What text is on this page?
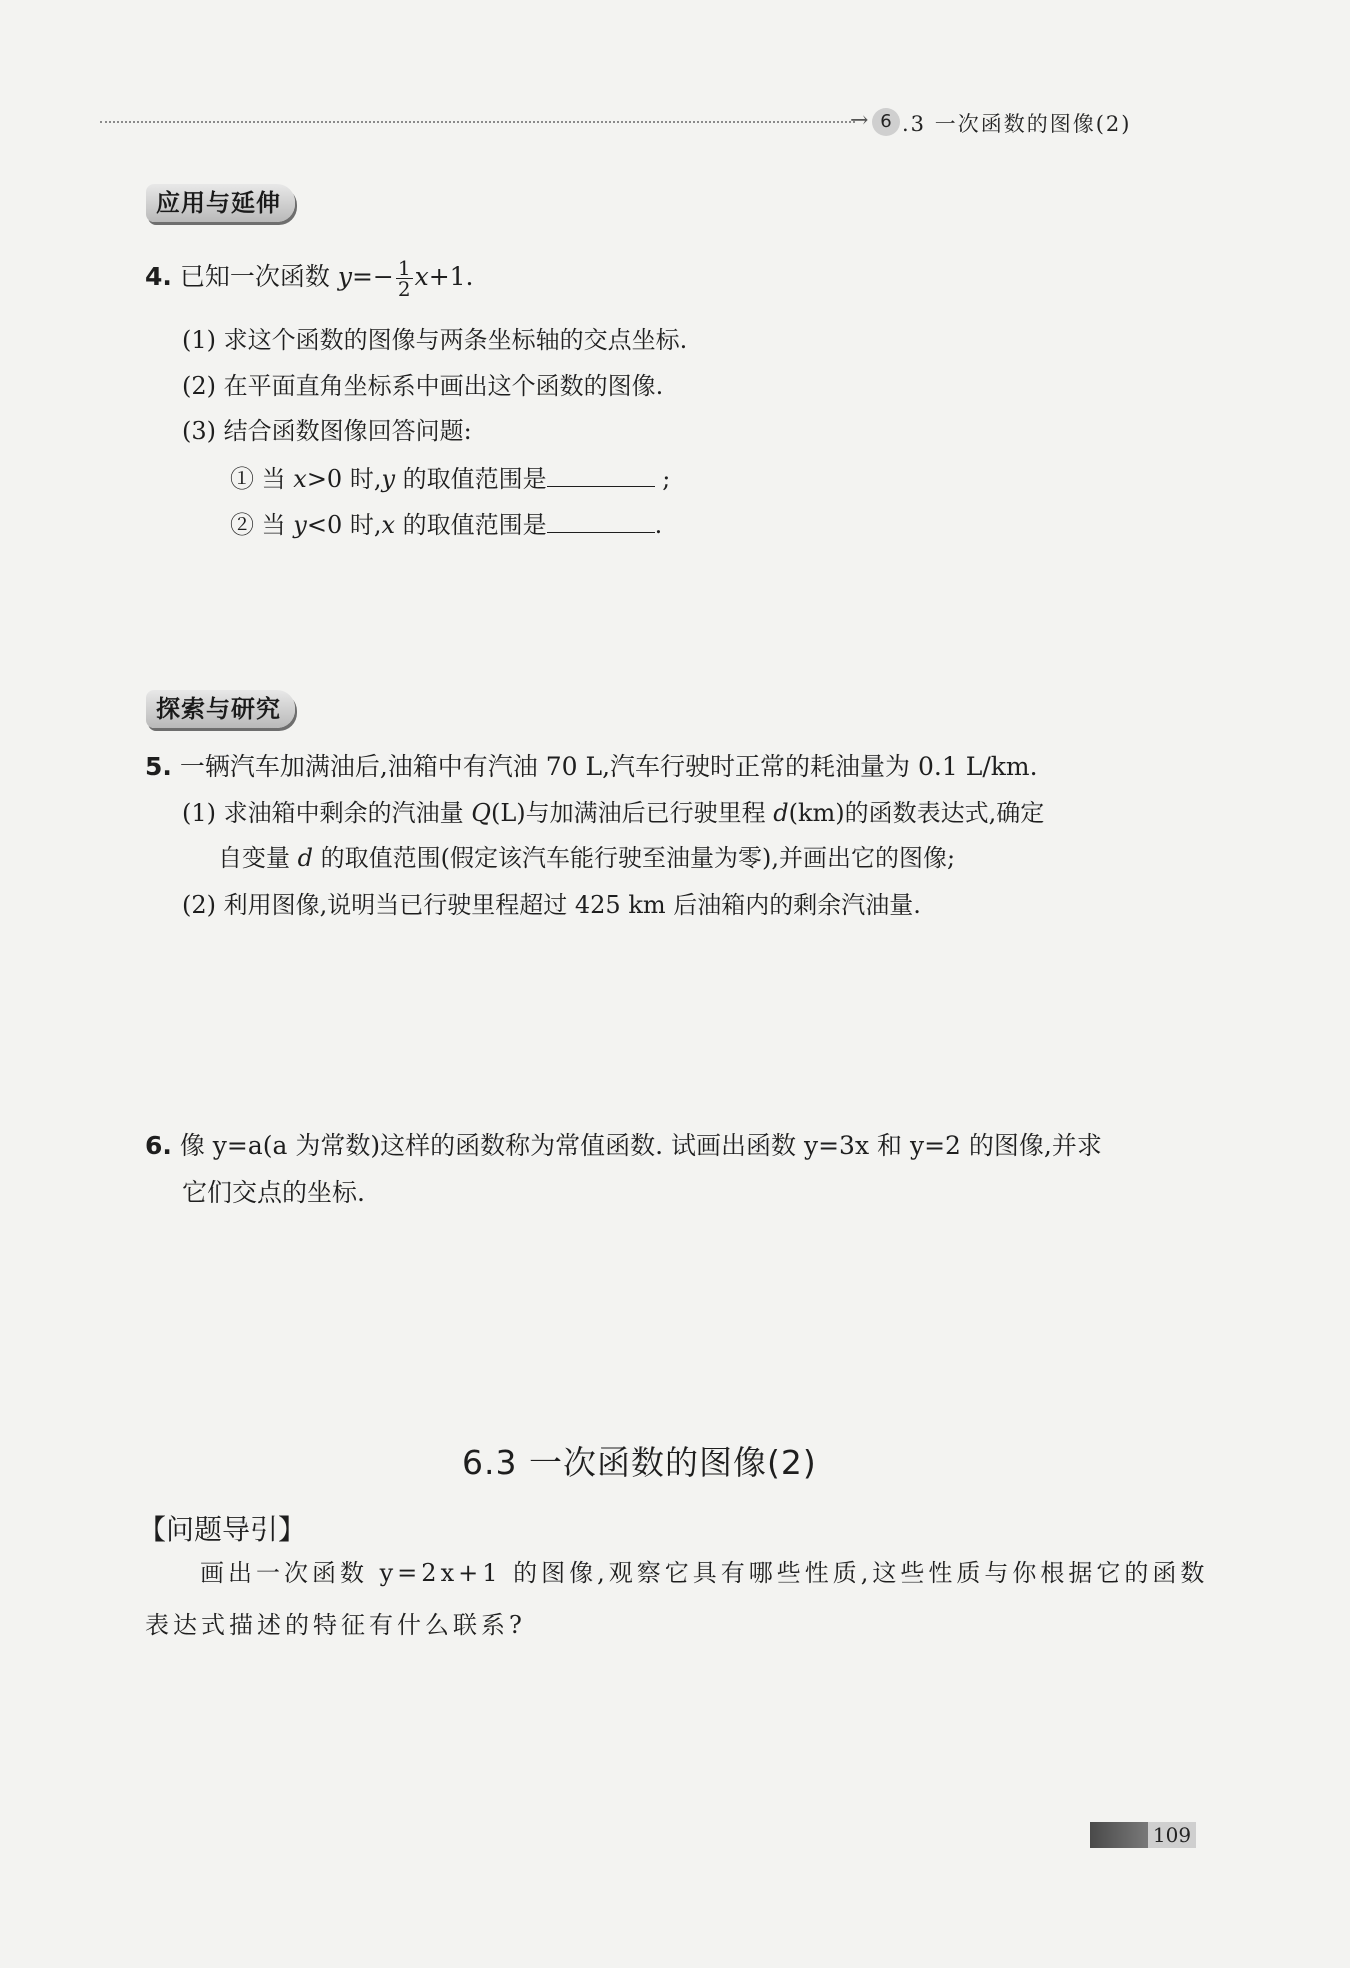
→ 6 .3 一次函数的图像(2)
应用与延伸
4. 已知一次函数 $y=- \frac{1}{2} x+1$.
(1) 求这个函数的图像与两条坐标轴的交点坐标.
(2) 在平面直角坐标系中画出这个函数的图像.
(3) 结合函数图像回答问题:
① 当 x>0 时,y 的取值范围是	;
② 当 y<0 时,x 的取值范围是	.
探索与研究
5. 一辆汽车加满油后,油箱中有汽油 70 L,汽车行驶时正常的耗油量为 0.1 L/km.
(1) 求油箱中剩余的汽油量 Q(L)与加满油后已行驶里程 d(km)的函数表达式,确定
自变量 d 的取值范围(假定该汽车能行驶至油量为零),并画出它的图像;
(2) 利用图像,说明当已行驶里程超过 425 km 后油箱内的剩余汽油量.
6. 像 y=a(a 为常数)这样的函数称为常值函数. 试画出函数 y=3x 和 y=2 的图像,并求
它们交点的坐标.
6.3 一次函数的图像(2)
【问题导引】
画出一次函数 y=2x+1 的图像,观察它具有哪些性质,这些性质与你根据它的函数
表达式描述的特征有什么联系?
109
